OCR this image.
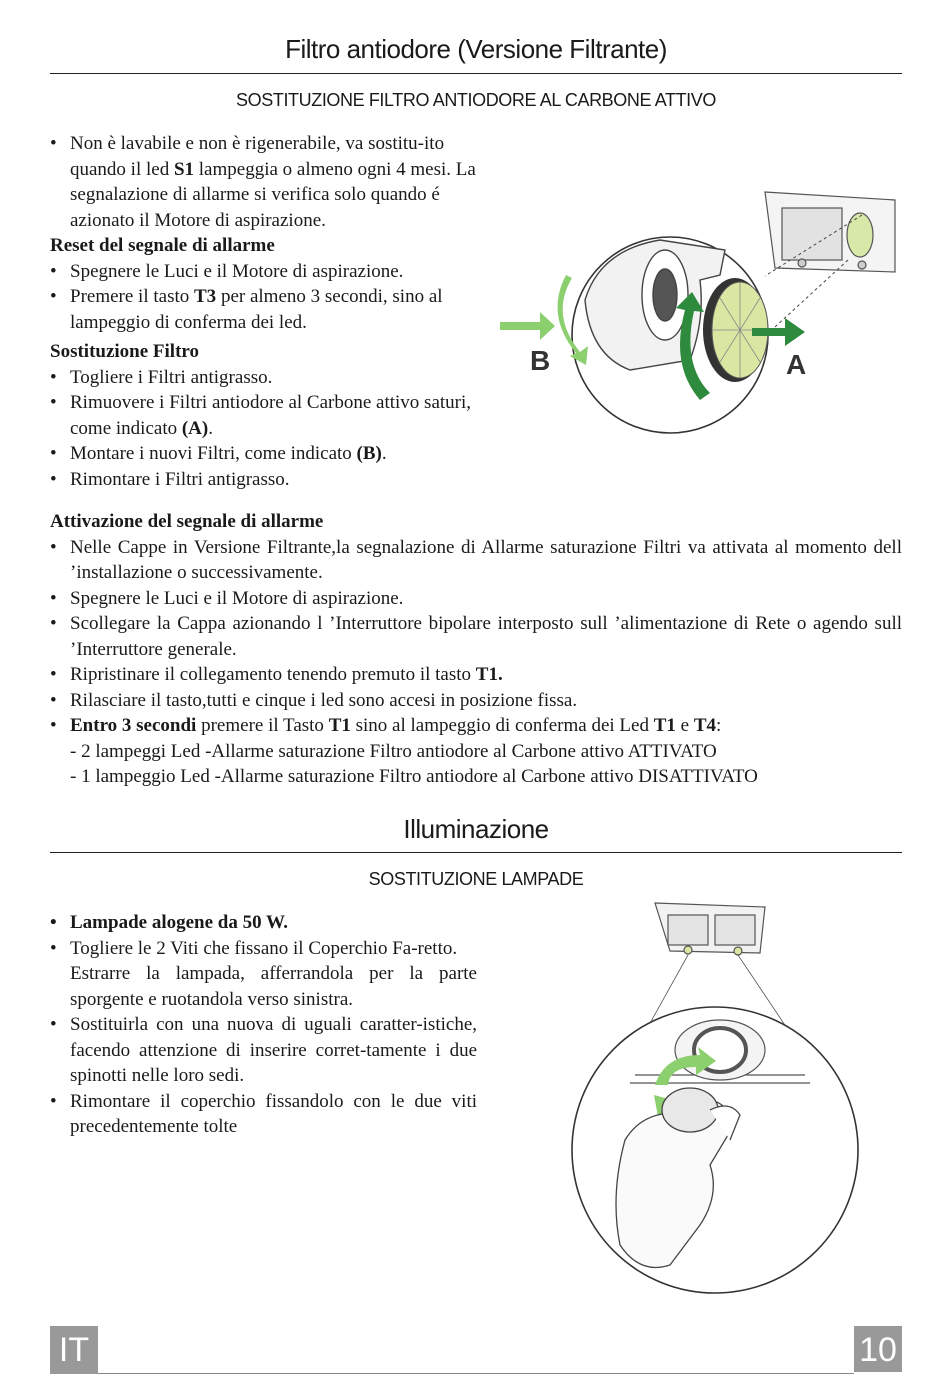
Filtro antiodore (Versione Filtrante)
SOSTITUZIONE FILTRO ANTIODORE AL CARBONE ATTIVO
• Non è lavabile e non è rigenerabile, va sostitu-ito quando il led S1 lampeggia o almeno ogni 4 mesi. La segnalazione di allarme si verifica solo quando é azionato il Motore di aspirazione.
Reset del segnale di allarme
• Spegnere le Luci e il Motore di aspirazione.
• Premere il tasto T3 per almeno 3 secondi, sino al lampeggio di conferma dei led.
Sostituzione Filtro
• Togliere i Filtri antigrasso.
• Rimuovere i Filtri antiodore al Carbone attivo saturi, come indicato (A).
• Montare i nuovi Filtri, come indicato (B).
• Rimontare i Filtri antigrasso.
Attivazione del segnale di allarme
• Nelle Cappe in Versione Filtrante,la segnalazione di Allarme saturazione Filtri va attivata al momento dell ’installazione o successivamente.
• Spegnere le Luci e il Motore di aspirazione.
• Scollegare la Cappa azionando l ’Interruttore bipolare interposto sull ’alimentazione di Rete o agendo sull ’Interruttore generale.
• Ripristinare il collegamento tenendo premuto il tasto T1.
• Rilasciare il tasto,tutti e cinque i led sono accesi in posizione fissa.
• Entro 3 secondi premere il Tasto T1 sino al lampeggio di conferma dei Led T1 e T4:
- 2 lampeggi Led -Allarme saturazione Filtro antiodore al Carbone attivo ATTIVATO
- 1 lampeggio Led -Allarme saturazione Filtro antiodore al Carbone attivo DISATTIVATO
B	A
Illuminazione
SOSTITUZIONE LAMPADE
• Lampade alogene da 50 W.
• Togliere le 2 Viti che fissano il Coperchio Fa-retto.
Estrarre la lampada, afferrandola per la parte sporgente e ruotandola verso sinistra.
• Sostituirla con una nuova di uguali caratter-istiche, facendo attenzione di inserire corret-tamente i due spinotti nelle loro sedi.
• Rimontare il coperchio fissandolo con le due viti precedentemente tolte
IT	10
